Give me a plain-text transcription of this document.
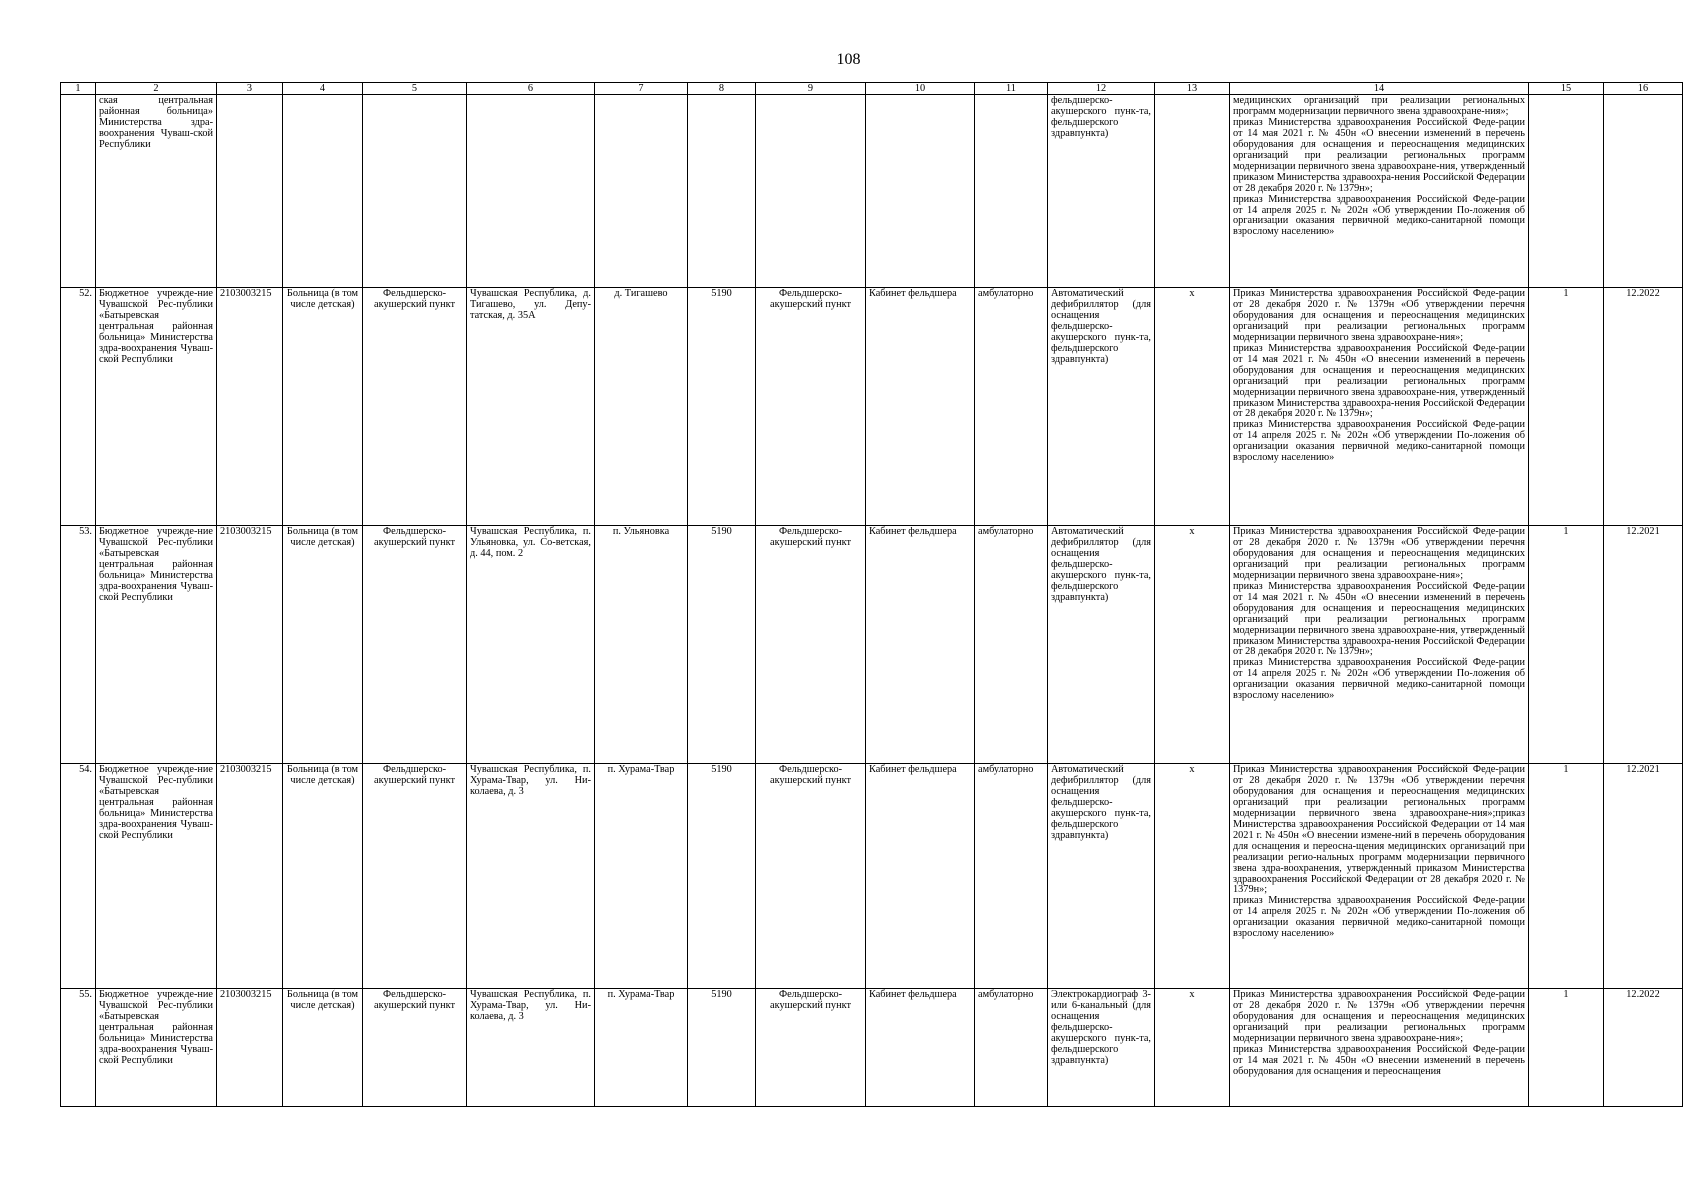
108
1	2	3	4	5	6	7	8	9	10	11	12	13	14	15	16
	ская центральная районная больница» Министерства здра-воохранения Чуваш-ской Республики										фельдшерско-акушерского пунк-та, фельдшерского здравпункта)		медицинских организаций при реализации региональных программ модернизации первичного звена здравоохране-ния»;
приказ Министерства здравоохранения Российской Феде-рации от 14 мая 2021 г. № 450н «О внесении изменений в перечень оборудования для оснащения и переоснащения медицинских организаций при реализации региональных программ модернизации первичного звена здравоохране-ния, утвержденный приказом Министерства здравоохра-нения Российской Федерации от 28 декабря 2020 г. № 1379н»;
приказ Министерства здравоохранения Российской Феде-рации от 14 апреля 2025 г. № 202н «Об утверждении По-ложения об организации оказания первичной медико-санитарной помощи взрослому населению»		

52.	Бюджетное учрежде-ние Чувашской Рес-публики «Батыревская центральная районная больница» Министерства здра-воохранения Чуваш-ской Республики	2103003215	Больница (в том числе детская)	Фельдшерско-акушерский пункт	Чувашская Республика, д. Тигашево, ул. Депу-татская, д. 35А	д. Тигашево	5190	Фельдшерско-акушерский пункт	Кабинет фельдшера	амбулаторно	Автоматический дефибриллятор (для оснащения фельдшерско-акушерского пунк-та, фельдшерского здравпункта)	х	Приказ Министерства здравоохранения Российской Феде-рации от 28 декабря 2020 г. № 1379н «Об утверждении перечня оборудования для оснащения и переоснащения медицинских организаций при реализации региональных программ модернизации первичного звена здравоохране-ния»;
приказ Министерства здравоохранения Российской Феде-рации от 14 мая 2021 г. № 450н «О внесении изменений в перечень оборудования для оснащения и переоснащения медицинских организаций при реализации региональных программ модернизации первичного звена здравоохране-ния, утвержденный приказом Министерства здравоохра-нения Российской Федерации от 28 декабря 2020 г. № 1379н»;
приказ Министерства здравоохранения Российской Феде-рации от 14 апреля 2025 г. № 202н «Об утверждении По-ложения об организации оказания первичной медико-санитарной помощи взрослому населению»	1	12.2022
53.	Бюджетное учрежде-ние Чувашской Рес-публики «Батыревская центральная районная больница» Министерства здра-воохранения Чуваш-ской Республики	2103003215	Больница (в том числе детская)	Фельдшерско-акушерский пункт	Чувашская Республика, п. Ульяновка, ул. Со-ветская, д. 44, пом. 2	п. Ульяновка	5190	Фельдшерско-акушерский пункт	Кабинет фельдшера	амбулаторно	Автоматический дефибриллятор (для оснащения фельдшерско-акушерского пунк-та, фельдшерского здравпункта)	х	Приказ Министерства здравоохранения Российской Феде-рации от 28 декабря 2020 г. № 1379н «Об утверждении перечня оборудования для оснащения и переоснащения медицинских организаций при реализации региональных программ модернизации первичного звена здравоохране-ния»;
приказ Министерства здравоохранения Российской Феде-рации от 14 мая 2021 г. № 450н «О внесении изменений в перечень оборудования для оснащения и переоснащения медицинских организаций при реализации региональных программ модернизации первичного звена здравоохране-ния, утвержденный приказом Министерства здравоохра-нения Российской Федерации от 28 декабря 2020 г. № 1379н»;
приказ Министерства здравоохранения Российской Феде-рации от 14 апреля 2025 г. № 202н «Об утверждении По-ложения об организации оказания первичной медико-санитарной помощи взрослому населению»	1	12.2021
54.	Бюджетное учрежде-ние Чувашской Рес-публики «Батыревская центральная районная больница» Министерства здра-воохранения Чуваш-ской Республики	2103003215	Больница (в том числе детская)	Фельдшерско-акушерский пункт	Чувашская Республика, п. Хурама-Твар, ул. Ни-колаева, д. 3	п. Хурама-Твар	5190	Фельдшерско-акушерский пункт	Кабинет фельдшера	амбулаторно	Автоматический дефибриллятор (для оснащения фельдшерско-акушерского пунк-та, фельдшерского здравпункта)	х	Приказ Министерства здравоохранения Российской Феде-рации от 28 декабря 2020 г. № 1379н «Об утверждении перечня оборудования для оснащения и переоснащения медицинских организаций при реализации региональных программ модернизации первичного звена здравоохране-ния»;приказ Министерства здравоохранения Российской Федерации от 14 мая 2021 г. № 450н «О внесении измене-ний в перечень оборудования для оснащения и переосна-щения медицинских организаций при реализации регио-нальных программ модернизации первичного звена здра-воохранения, утвержденный приказом Министерства здравоохранения Российской Федерации от 28 декабря 2020 г. № 1379н»;
приказ Министерства здравоохранения Российской Феде-рации от 14 апреля 2025 г. № 202н «Об утверждении По-ложения об организации оказания первичной медико-санитарной помощи взрослому населению»	1	12.2021
55.	Бюджетное учрежде-ние Чувашской Рес-публики «Батыревская центральная районная больница» Министерства здра-воохранения Чуваш-ской Республики	2103003215	Больница (в том числе детская)	Фельдшерско-акушерский пункт	Чувашская Республика, п. Хурама-Твар, ул. Ни-колаева, д. 3	п. Хурама-Твар	5190	Фельдшерско-акушерский пункт	Кабинет фельдшера	амбулаторно	Электрокардиограф 3- или 6-канальный (для оснащения фельдшерско-акушерского пунк-та, фельдшерского здравпункта)	х	Приказ Министерства здравоохранения Российской Феде-рации от 28 декабря 2020 г. № 1379н «Об утверждении перечня оборудования для оснащения и переоснащения медицинских организаций при реализации региональных программ модернизации первичного звена здравоохране-ния»;
приказ Министерства здравоохранения Российской Феде-рации от 14 мая 2021 г. № 450н «О внесении изменений в перечень оборудования для оснащения и переоснащения	1	12.2022
